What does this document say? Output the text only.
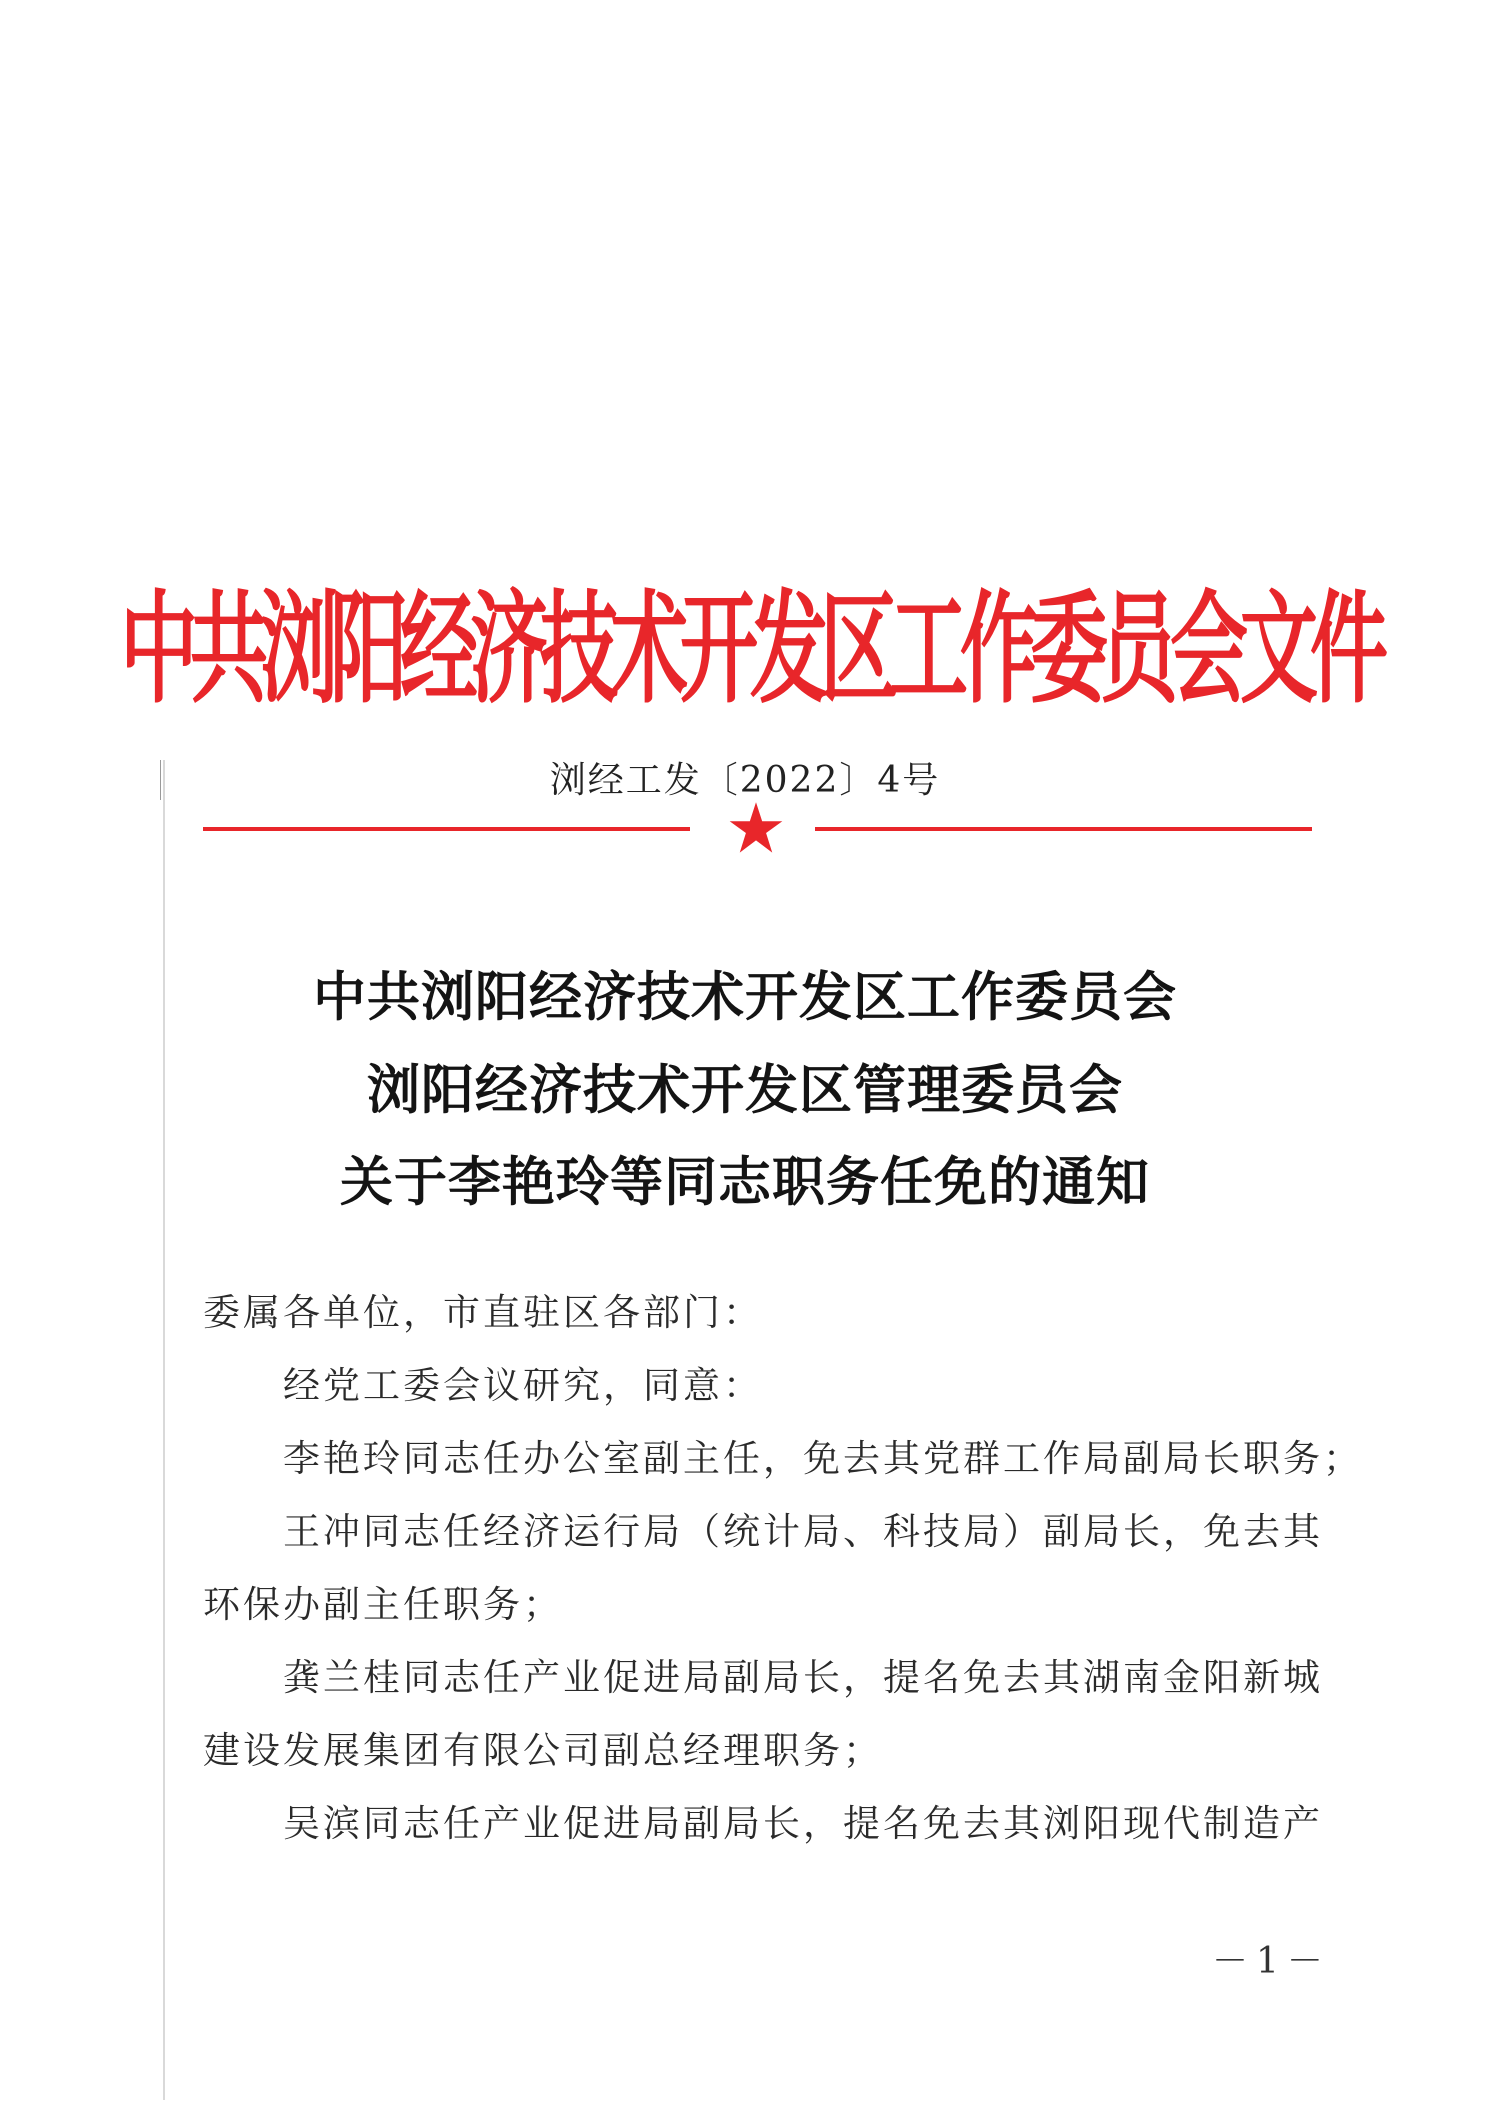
中共浏阳经济技术开发区工作委员会文件
浏经工发〔2022〕4号
中共浏阳经济技术开发区工作委员会
浏阳经济技术开发区管理委员会
关于李艳玲等同志职务任免的通知
委属各单位，市直驻区各部门：
经党工委会议研究，同意：
李艳玲同志任办公室副主任，免去其党群工作局副局长职务；
王冲同志任经济运行局（统计局、科技局）副局长，免去其
环保办副主任职务；
龚兰桂同志任产业促进局副局长，提名免去其湖南金阳新城
建设发展集团有限公司副总经理职务；
吴滨同志任产业促进局副局长，提名免去其浏阳现代制造产
－1－
